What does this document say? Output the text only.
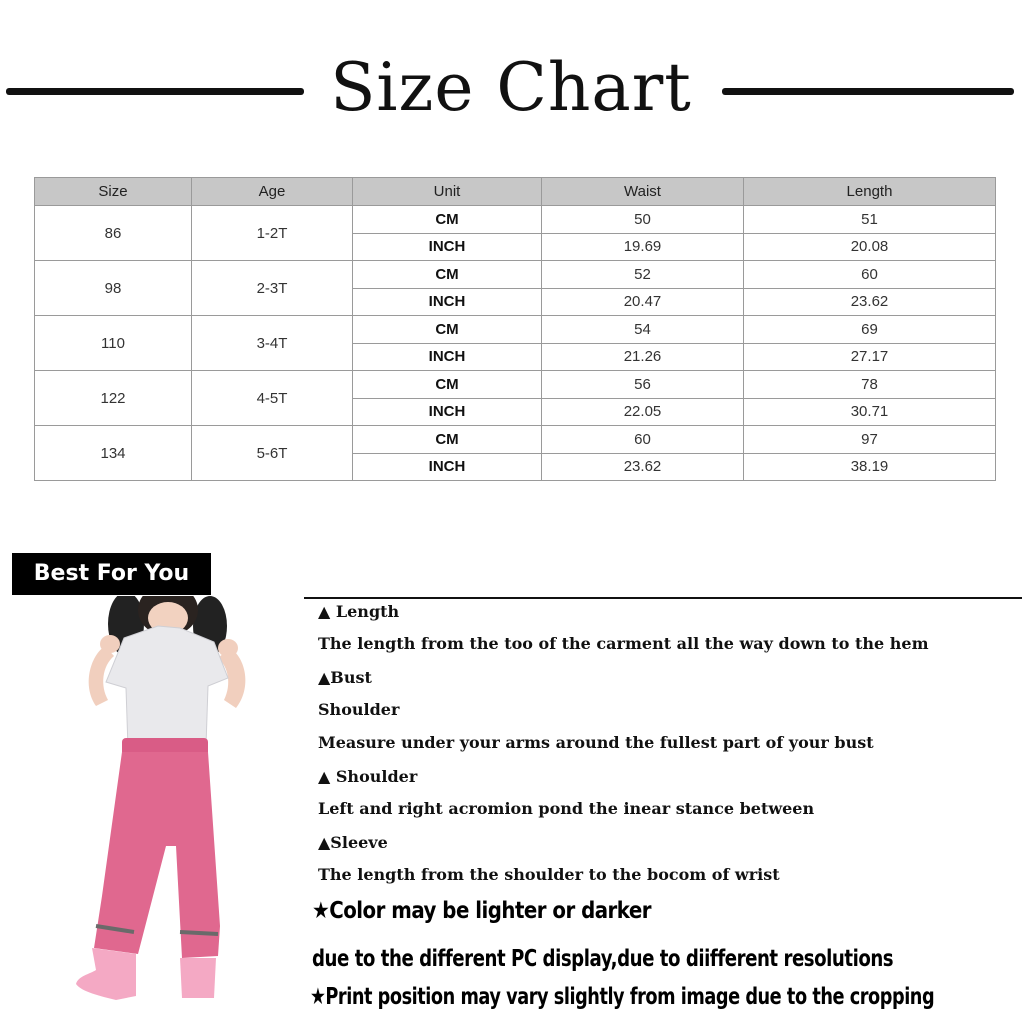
Size Chart
Size	Age	Unit	Waist	Length
86	1-2T	CM	50	51
		INCH	19.69	20.08
98	2-3T	CM	52	60
		INCH	20.47	23.62
110	3-4T	CM	54	69
		INCH	21.26	27.17
122	4-5T	CM	56	78
		INCH	22.05	30.71
134	5-6T	CM	60	97
		INCH	23.62	38.19
Best For You
▲ Length
The length from the too of the carment all the way down to the hem
▲Bust
Shoulder
Measure under your arms around the fullest part of your bust
▲ Shoulder
Left and right acromion pond the inear stance between
▲Sleeve
The length from the shoulder to the bocom of wrist
★Color may be lighter or darker
due to the different PC display,due to diifferent resolutions
★Print position may vary slightly from image due to the cropping
